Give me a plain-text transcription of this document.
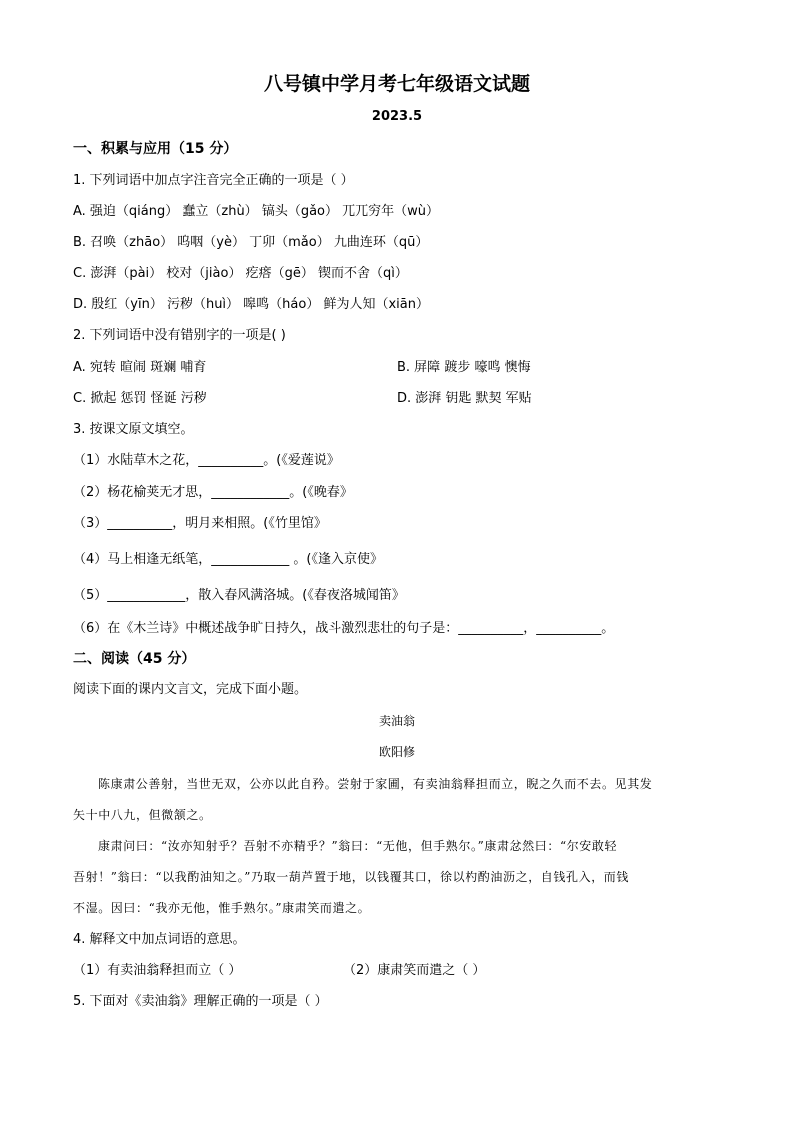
八号镇中学月考七年级语文试题
2023.5
一、积累与应用（15 分）
1. 下列词语中加点字注音完全正确的一项是（ ）
A. 强迫（qiáng） 蠢立（zhù） 镐头（gǎo） 兀兀穷年（wù）
B. 召唤（zhāo） 呜咽（yè） 丁卯（mǎo） 九曲连环（qū）
C. 澎湃（pài） 校对（jiào） 疙瘩（gē） 锲而不舍（qì）
D. 殷红（yīn） 污秽（huì） 嗥鸣（háo） 鲜为人知（xiān）
2. 下列词语中没有错别字的一项是( )
A. 宛转 暄闹 斑斓 哺育	B. 屏障 踱步 嚎鸣 懊悔
C. 掀起 惩罚 怪诞 污秽	D. 澎湃 钥匙 默契 军贴
3. 按课文原文填空。
（1）水陆草木之花，__________。(《爱莲说》
（2）杨花榆荚无才思，____________。(《晚春》
（3）__________，明月来相照。(《竹里馆》
（4）马上相逢无纸笔，____________ 。(《逢入京使》
（5）____________，散入春风满洛城。(《春夜洛城闻笛》
（6）在《木兰诗》中概述战争旷日持久，战斗激烈悲壮的句子是：__________，__________。
二、阅读（45 分）
阅读下面的课内文言文，完成下面小题。
卖油翁
欧阳修
陈康肃公善射，当世无双，公亦以此自矜。尝射于家圃，有卖油翁释担而立，睨之久而不去。见其发
矢十中八九，但微颔之。
康肃问曰：“汝亦知射乎？吾射不亦精乎？”翁曰：“无他，但手熟尔。”康肃忿然曰：“尔安敢轻
吾射！”翁曰：“以我酌油知之。”乃取一葫芦置于地，以钱覆其口，徐以杓酌油沥之，自钱孔入，而钱
不湿。因曰：“我亦无他，惟手熟尔。”康肃笑而遣之。
4. 解释文中加点词语的意思。
（1）有卖油翁释担而立（ ）	（2）康肃笑而遣之（ ）
5. 下面对《卖油翁》理解正确的一项是（ ）
